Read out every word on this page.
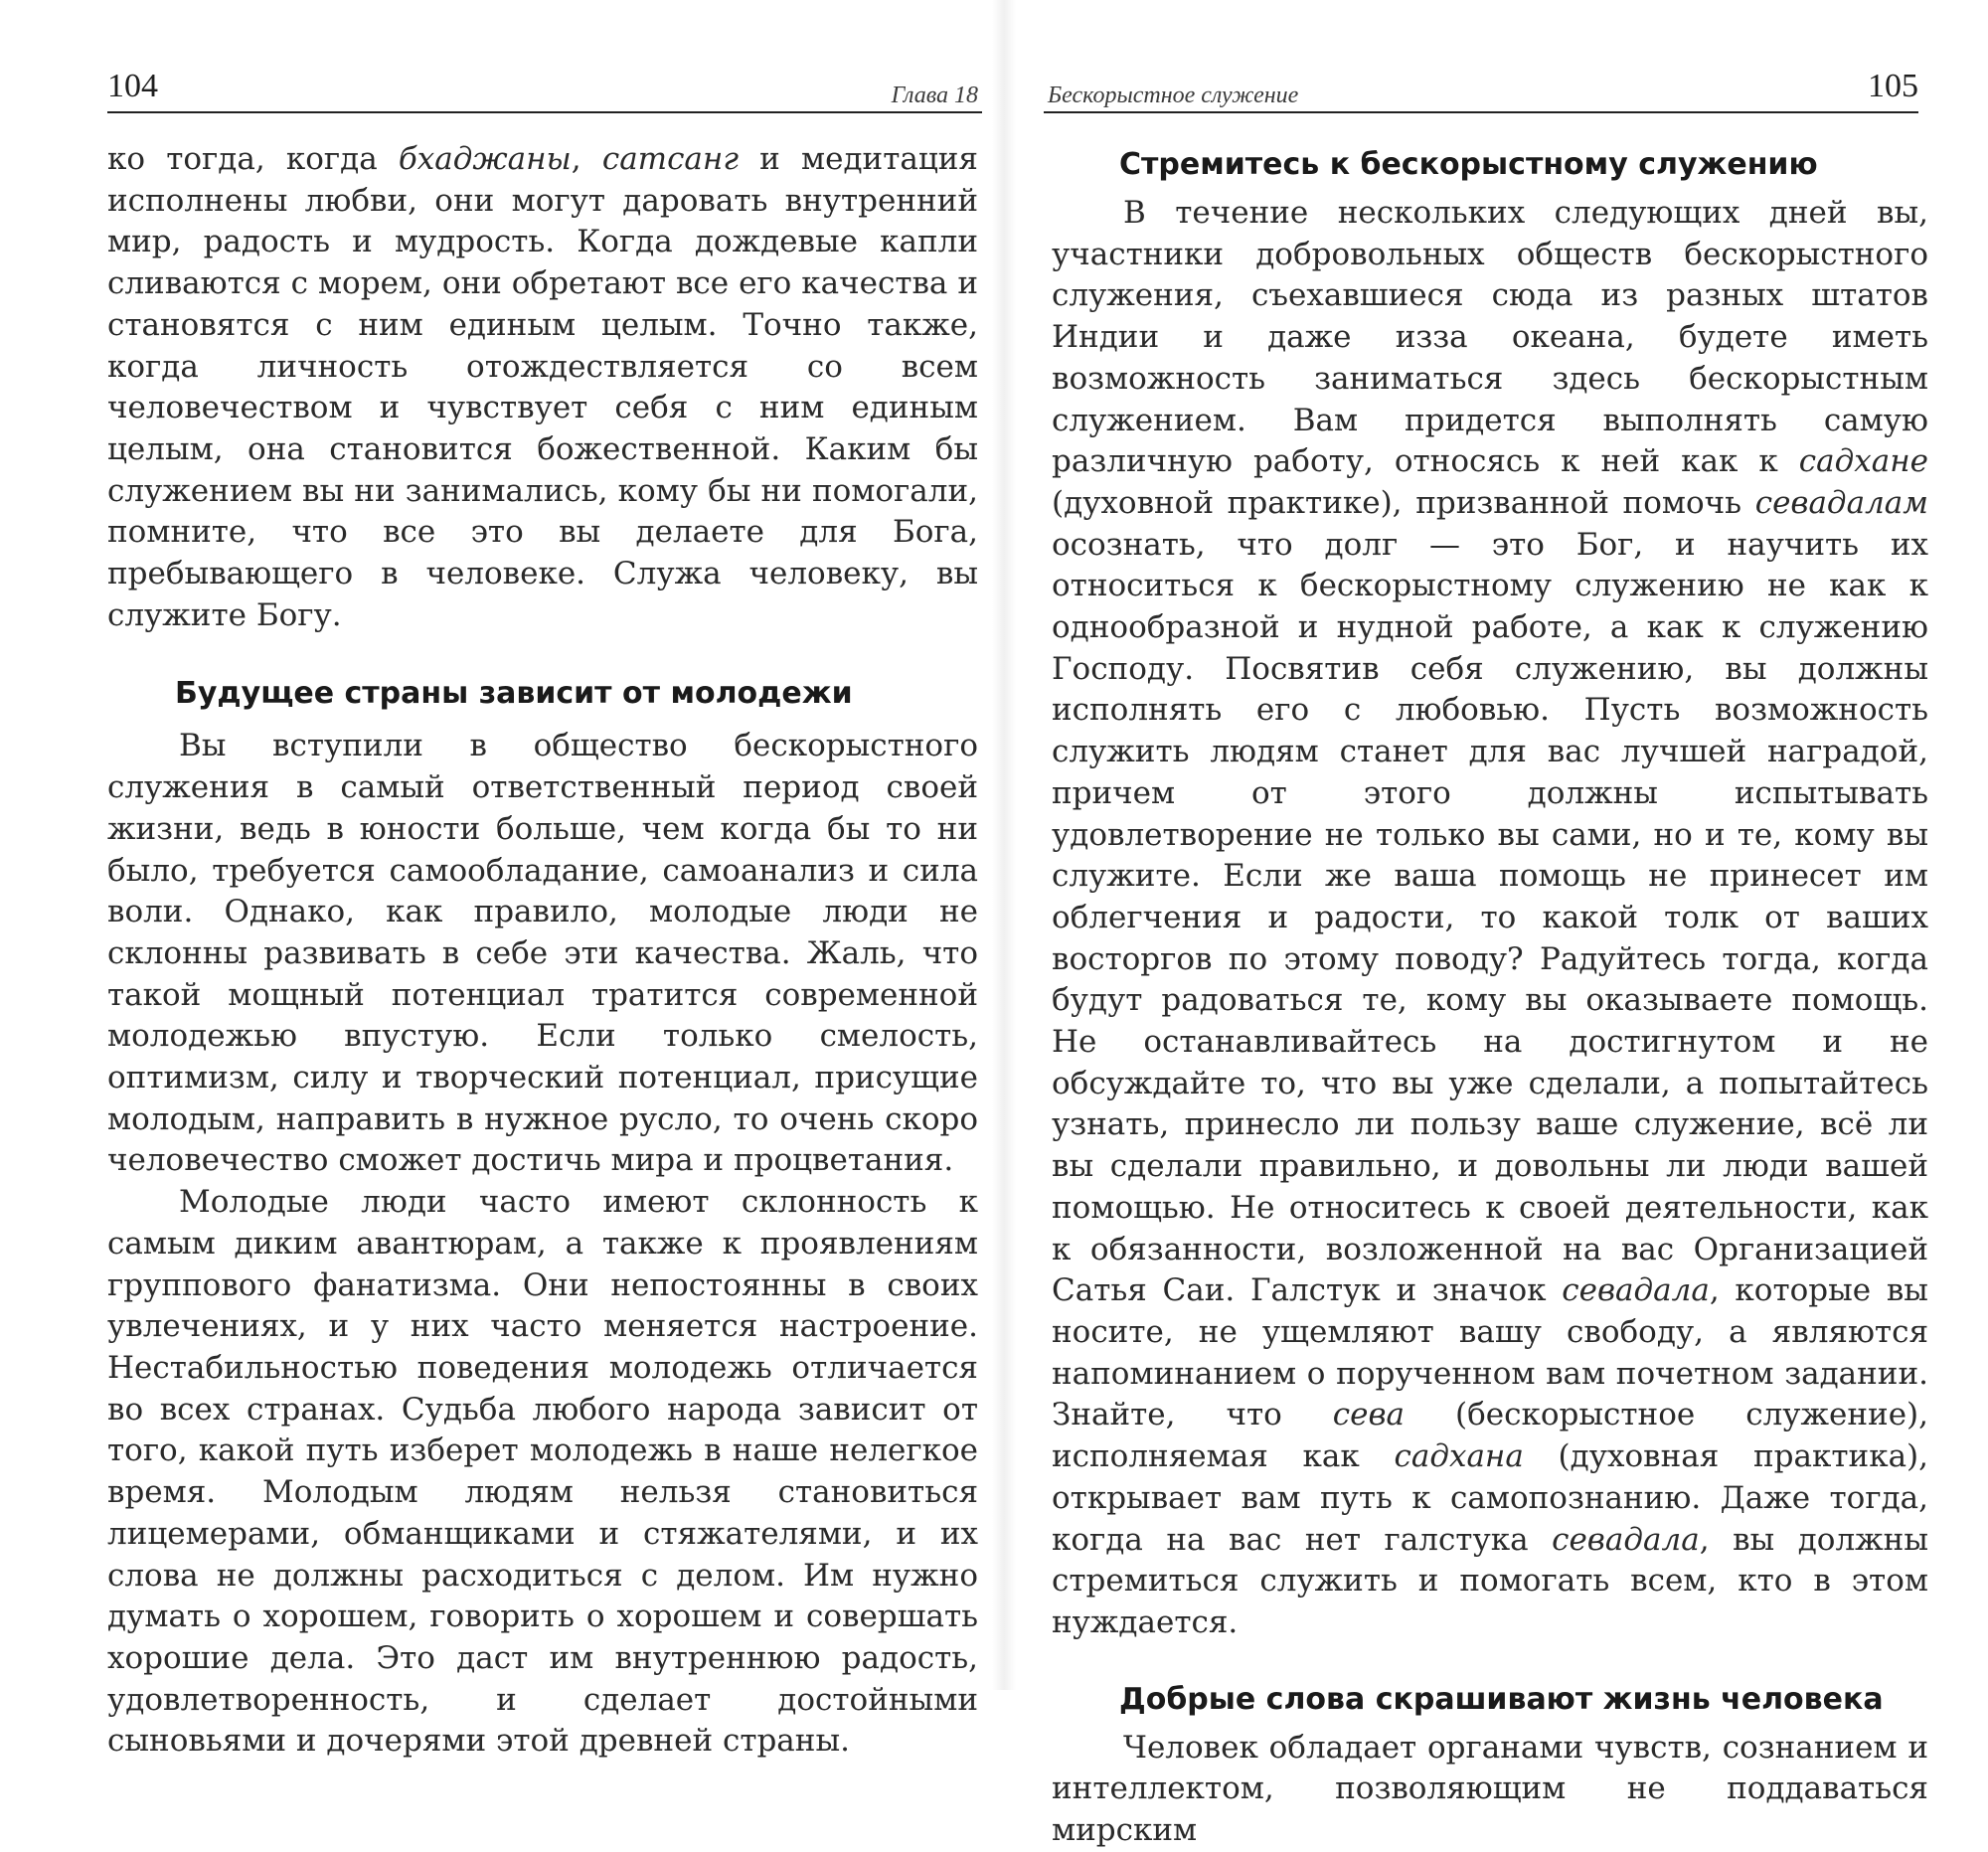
104	Глава 18

ко тогда, когда бхаджаны, сатсанг и медитация исполнены любви, они могут даровать внутренний мир, радость и мудрость. Когда дождевые капли сливаются с морем, они обретают все его качества и становятся с ним единым целым. Точно также, когда личность отождествляется со всем человечеством и чувствует себя с ним единым целым, она становится божественной. Каким бы служением вы ни занимались, кому бы ни помогали, помните, что все это вы делаете для Бога, пребывающего в человеке. Служа человеку, вы служите Богу.

Будущее страны зависит от молодежи

Вы вступили в общество бескорыстного служения в самый ответственный период своей жизни, ведь в юности больше, чем когда бы то ни было, требуется самообладание, самоанализ и сила воли. Однако, как правило, молодые люди не склонны развивать в себе эти качества. Жаль, что такой мощный потенциал тратится современной молодежью впустую. Если только смелость, оптимизм, силу и творческий потенциал, присущие молодым, направить в нужное русло, то очень скоро человечество сможет достичь мира и процветания.

Молодые люди часто имеют склонность к самым диким авантюрам, а также к проявлениям группового фанатизма. Они непостоянны в своих увлечениях, и у них часто меняется настроение. Нестабильностью поведения молодежь отличается во всех странах. Судьба любого народа зависит от того, какой путь изберет молодежь в наше нелегкое время. Молодым людям нельзя становиться лицемерами, обманщиками и стяжателями, и их слова не должны расходиться с делом. Им нужно думать о хорошем, говорить о хорошем и совершать хорошие дела. Это даст им внутреннюю радость, удовлетворенность, и сделает достойными сыновьями и дочерями этой древней страны.

Бескорыстное служение	105
Стремитесь к бескорыстному служению

В течение нескольких следующих дней вы, участники добровольных обществ бескорыстного служения, съехавшиеся сюда из разных штатов Индии и даже изза океана, будете иметь возможность заниматься здесь бескорыстным служением. Вам придется выполнять самую различную работу, относясь к ней как к садхане (духовной практике), призванной помочь севадалам осознать, что долг — это Бог, и научить их относиться к бескорыстному служению не как к однообразной и нудной работе, а как к служению Господу. Посвятив себя служению, вы должны исполнять его с любовью. Пусть возможность служить людям станет для вас лучшей наградой, причем от этого должны испытывать удовлетворение не только вы сами, но и те, кому вы служите. Если же ваша помощь не принесет им облегчения и радости, то какой толк от ваших восторгов по этому поводу? Радуйтесь тогда, когда будут радоваться те, кому вы оказываете помощь. Не останавливайтесь на достигнутом и не обсуждайте то, что вы уже сделали, а попытайтесь узнать, принесло ли пользу ваше служение, всё ли вы сделали правильно, и довольны ли люди вашей помощью. Не относитесь к своей деятельности, как к обязанности, возложенной на вас Организацией Сатья Саи. Галстук и значок севадала, которые вы носите, не ущемляют вашу свободу, а являются напоминанием о порученном вам почетном задании. Знайте, что сева (бескорыстное служение), исполняемая как садхана (духовная практика), открывает вам путь к самопознанию. Даже тогда, когда на вас нет галстука севадала, вы должны стремиться служить и помогать всем, кто в этом нуждается.

Добрые слова скрашивают жизнь человека

Человек обладает органами чувств, сознанием и интеллектом, позволяющим не поддаваться мирским
